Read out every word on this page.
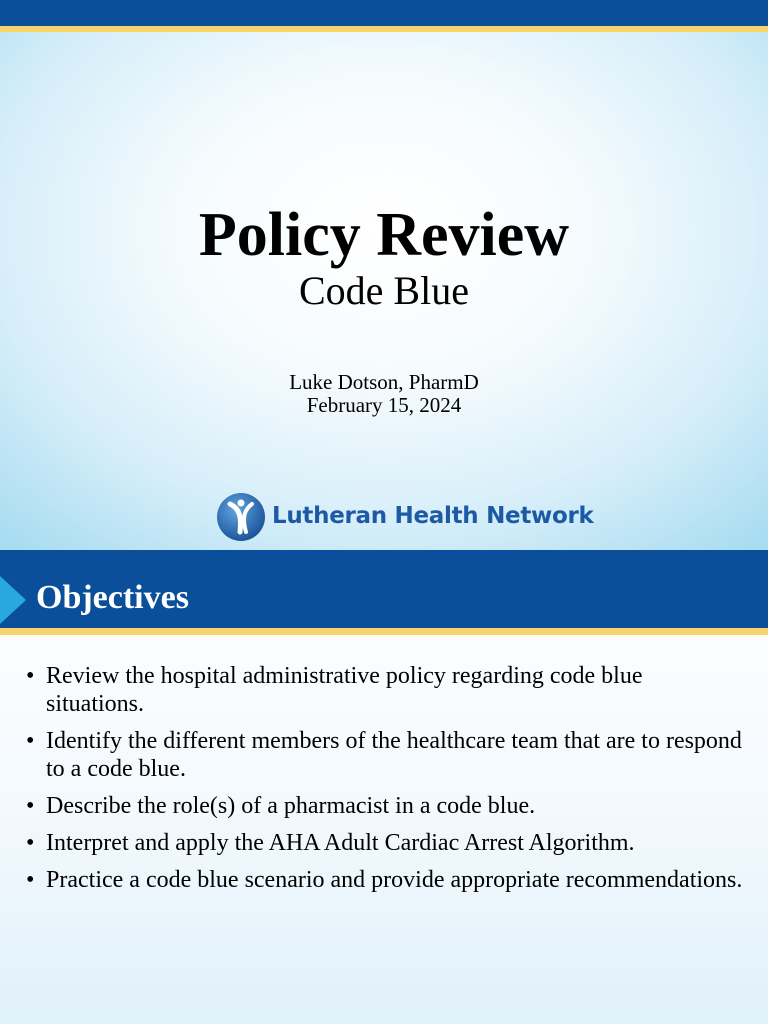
Policy Review
Code Blue
Luke Dotson, PharmD
February 15, 2024
Lutheran Health Network
Objectives
• Review the hospital administrative policy regarding code blue situations.
• Identify the different members of the healthcare team that are to respond to a code blue.
• Describe the role(s) of a pharmacist in a code blue.
• Interpret and apply the AHA Adult Cardiac Arrest Algorithm.
• Practice a code blue scenario and provide appropriate recommendations.
